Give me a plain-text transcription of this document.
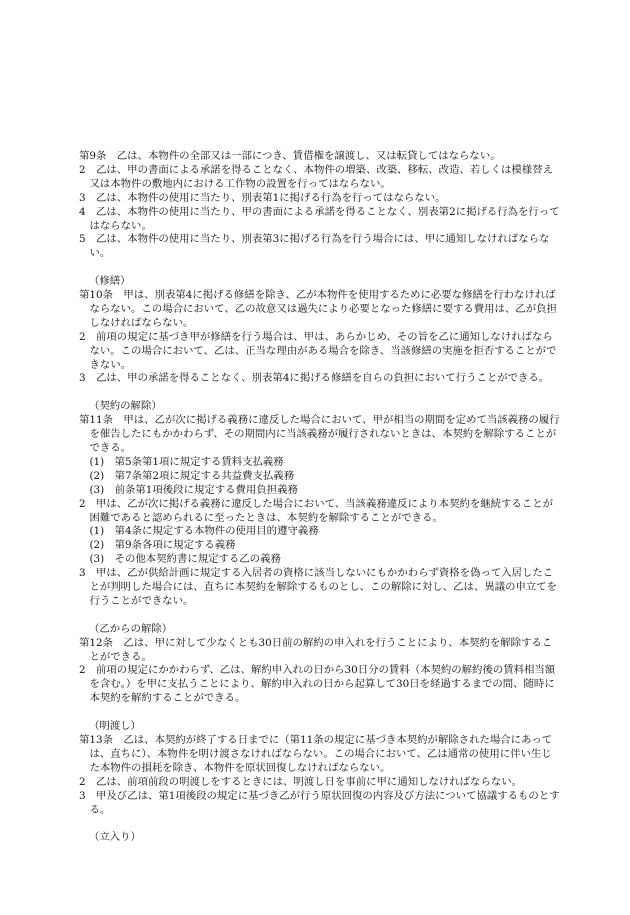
第9条　乙は、本物件の全部又は一部につき、賃借権を譲渡し、又は転貸してはならない。

2　乙は、甲の書面による承諾を得ることなく、本物件の増築、改築、移転、改造、若しくは模様替え又は本物件の敷地内における工作物の設置を行ってはならない。

3　乙は、本物件の使用に当たり、別表第1に掲げる行為を行ってはならない。

4　乙は、本物件の使用に当たり、甲の書面による承諾を得ることなく、別表第2に掲げる行為を行ってはならない。

5　乙は、本物件の使用に当たり、別表第3に掲げる行為を行う場合には、甲に通知しなければならない。

（修繕）

第10条　甲は、別表第4に掲げる修繕を除き、乙が本物件を使用するために必要な修繕を行わなければならない。この場合において、乙の故意又は過失により必要となった修繕に要する費用は、乙が負担しなければならない。

2　前項の規定に基づき甲が修繕を行う場合は、甲は、あらかじめ、その旨を乙に通知しなければならない。この場合において、乙は、正当な理由がある場合を除き、当該修繕の実施を拒否することができない。

3　乙は、甲の承諾を得ることなく、別表第4に掲げる修繕を自らの負担において行うことができる。

（契約の解除）

第11条　甲は、乙が次に掲げる義務に違反した場合において、甲が相当の期間を定めて当該義務の履行を催告したにもかかわらず、その期間内に当該義務が履行されないときは、本契約を解除することができる。

(1)　第5条第1項に規定する賃料支払義務

(2)　第7条第2項に規定する共益費支払義務

(3)　前条第1項後段に規定する費用負担義務

2　甲は、乙が次に掲げる義務に違反した場合において、当該義務違反により本契約を継続することが困難であると認められるに至ったときは、本契約を解除することができる。

(1)　第4条に規定する本物件の使用目的遵守義務

(2)　第9条各項に規定する義務

(3)　その他本契約書に規定する乙の義務

3　甲は、乙が供給計画に規定する入居者の資格に該当しないにもかかわらず資格を偽って入居したことが判明した場合には、直ちに本契約を解除するものとし、この解除に対し、乙は、異議の申立てを行うことができない。

（乙からの解除）

第12条　乙は、甲に対して少なくとも30日前の解約の申入れを行うことにより、本契約を解除することができる。

2　前項の規定にかかわらず、乙は、解約申入れの日から30日分の賃料（本契約の解約後の賃料相当額を含む。）を甲に支払うことにより、解約申入れの日から起算して30日を経過するまでの間、随時に本契約を解約することができる。

（明渡し）

第13条　乙は、本契約が終了する日までに（第11条の規定に基づき本契約が解除された場合にあっては、直ちに）、本物件を明け渡さなければならない。この場合において、乙は通常の使用に伴い生じた本物件の損耗を除き、本物件を原状回復しなければならない。

2　乙は、前項前段の明渡しをするときには、明渡し日を事前に甲に通知しなければならない。

3　甲及び乙は、第1項後段の規定に基づき乙が行う原状回復の内容及び方法について協議するものとする。

（立入り）
